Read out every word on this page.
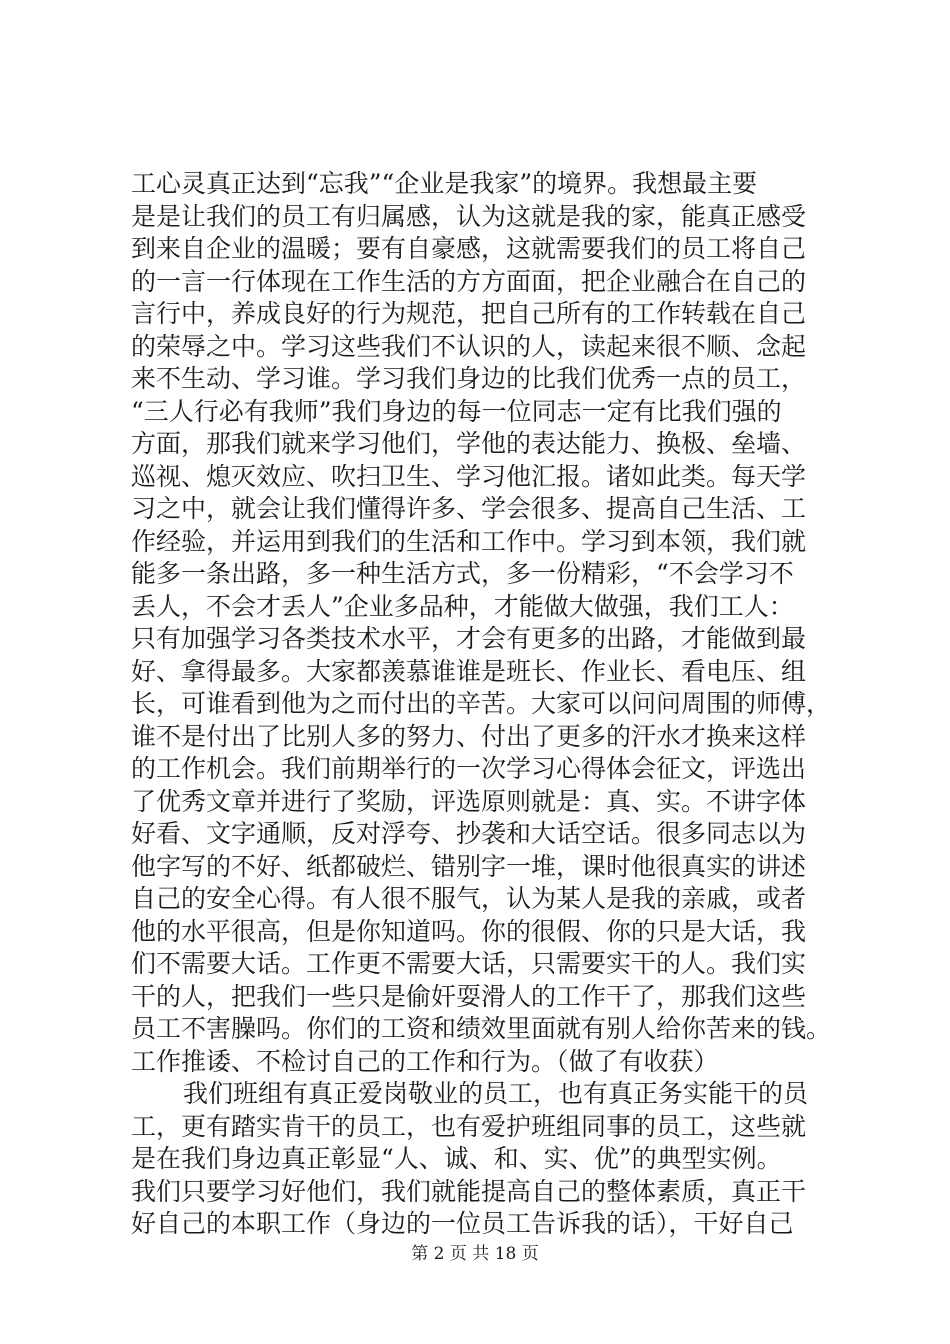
工心灵真正达到“忘我”“企业是我家”的境界。我想最主要
是是让我们的员工有归属感，认为这就是我的家，能真正感受
到来自企业的温暖；要有自豪感，这就需要我们的员工将自己
的一言一行体现在工作生活的方方面面，把企业融合在自己的
言行中，养成良好的行为规范，把自己所有的工作转载在自己
的荣辱之中。学习这些我们不认识的人，读起来很不顺、念起
来不生动、学习谁。学习我们身边的比我们优秀一点的员工，
“三人行必有我师”我们身边的每一位同志一定有比我们强的
方面，那我们就来学习他们，学他的表达能力、换极、垒墙、
巡视、熄灭效应、吹扫卫生、学习他汇报。诸如此类。每天学
习之中，就会让我们懂得许多、学会很多、提高自己生活、工
作经验，并运用到我们的生活和工作中。学习到本领，我们就
能多一条出路，多一种生活方式，多一份精彩，“不会学习不
丢人，不会才丢人”企业多品种，才能做大做强，我们工人：
只有加强学习各类技术水平，才会有更多的出路，才能做到最
好、拿得最多。大家都羡慕谁谁是班长、作业长、看电压、组
长，可谁看到他为之而付出的辛苦。大家可以问问周围的师傅，
谁不是付出了比别人多的努力、付出了更多的汗水才换来这样
的工作机会。我们前期举行的一次学习心得体会征文，评选出
了优秀文章并进行了奖励，评选原则就是：真、实。不讲字体
好看、文字通顺，反对浮夸、抄袭和大话空话。很多同志以为
他字写的不好、纸都破烂、错别字一堆，课时他很真实的讲述
自己的安全心得。有人很不服气，认为某人是我的亲戚，或者
他的水平很高，但是你知道吗。你的很假、你的只是大话，我
们不需要大话。工作更不需要大话，只需要实干的人。我们实
干的人，把我们一些只是偷奸耍滑人的工作干了，那我们这些
员工不害臊吗。你们的工资和绩效里面就有别人给你苦来的钱。
工作推诿、不检讨自己的工作和行为。（做了有收获）
我们班组有真正爱岗敬业的员工，也有真正务实能干的员
工，更有踏实肯干的员工，也有爱护班组同事的员工，这些就
是在我们身边真正彰显“人、诚、和、实、优”的典型实例。
我们只要学习好他们，我们就能提高自己的整体素质，真正干
好自己的本职工作（身边的一位员工告诉我的话），干好自己
第 2 页 共 18 页
